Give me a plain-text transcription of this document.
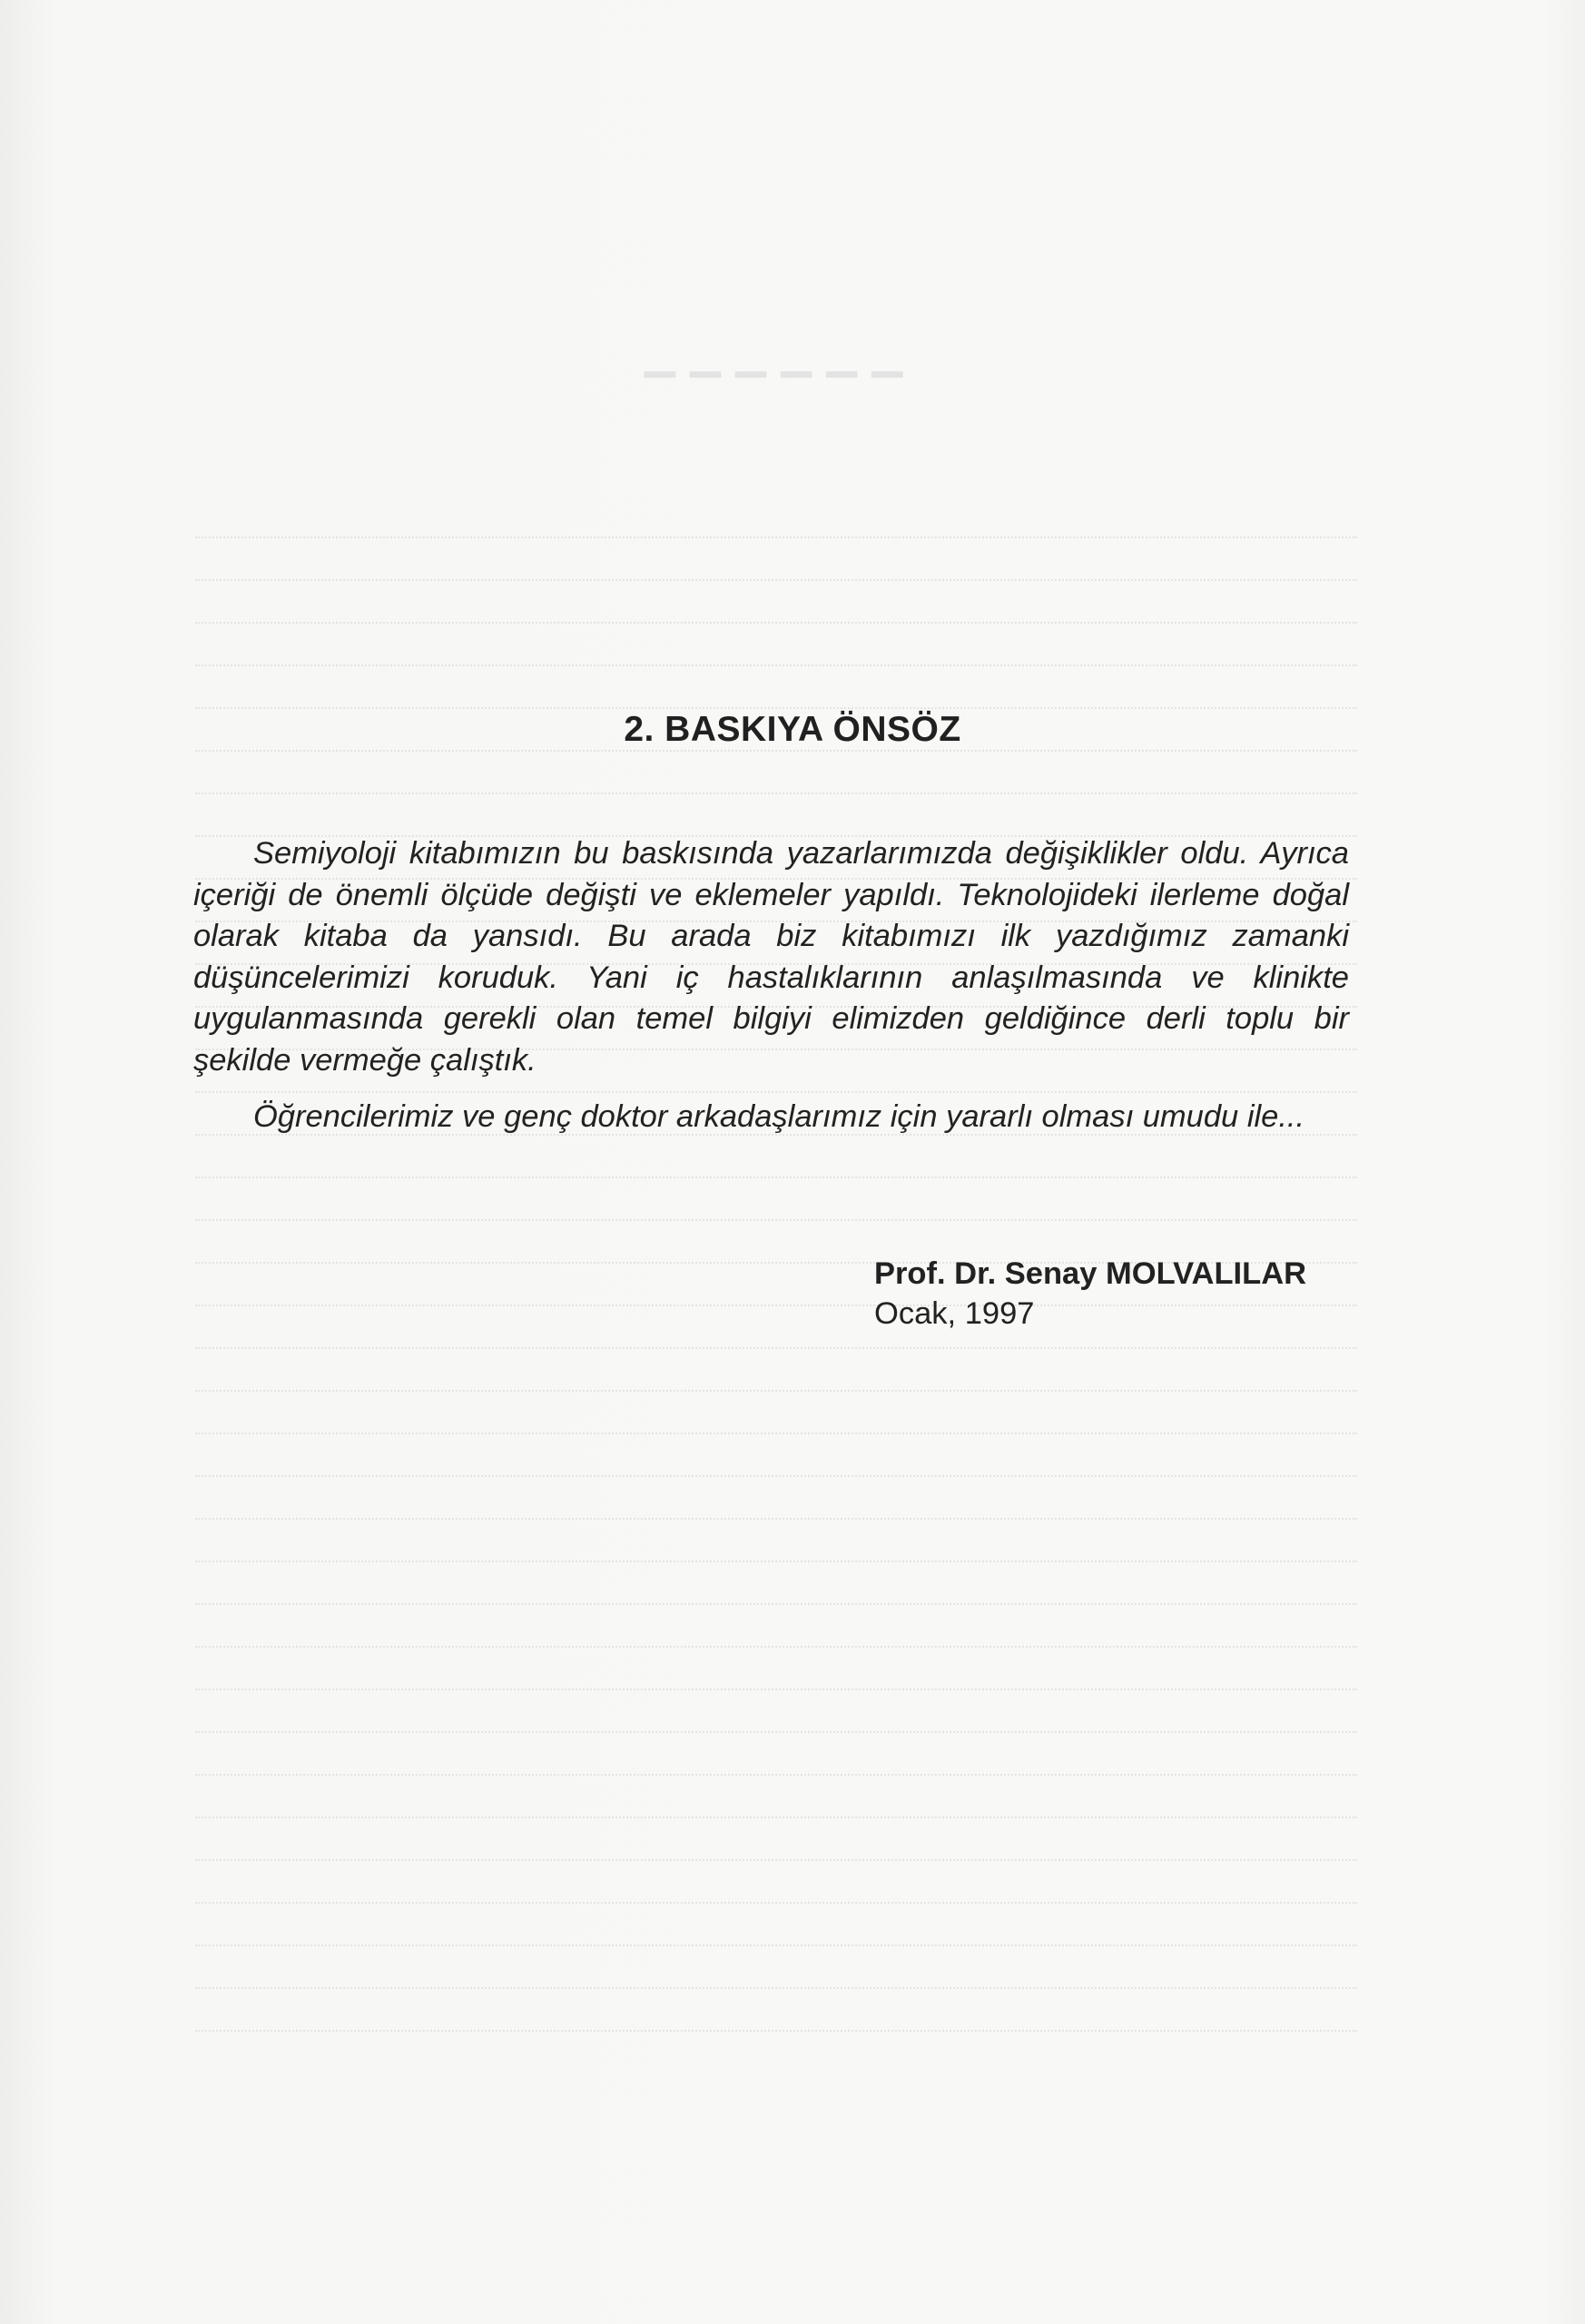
▁ ▁ ▁ ▁ ▁ ▁
2. BASKIYA ÖNSÖZ

Semiyoloji kitabımızın bu baskısında yazarlarımızda değişiklikler oldu. Ayrıca içeriği de önemli ölçüde değişti ve eklemeler yapıldı. Teknolojideki ilerleme doğal olarak kitaba da yansıdı. Bu arada biz kitabımızı ilk yazdığımız zamanki düşüncelerimizi koruduk. Yani iç hastalıklarının anlaşılmasında ve klinikte uygulanmasında gerekli olan temel bilgiyi elimizden geldiğince derli toplu bir şekilde vermeğe çalıştık.

Öğrencilerimiz ve genç doktor arkadaşlarımız için yararlı olması umudu ile...

Prof. Dr. Senay MOLVALILAR
Ocak, 1997
